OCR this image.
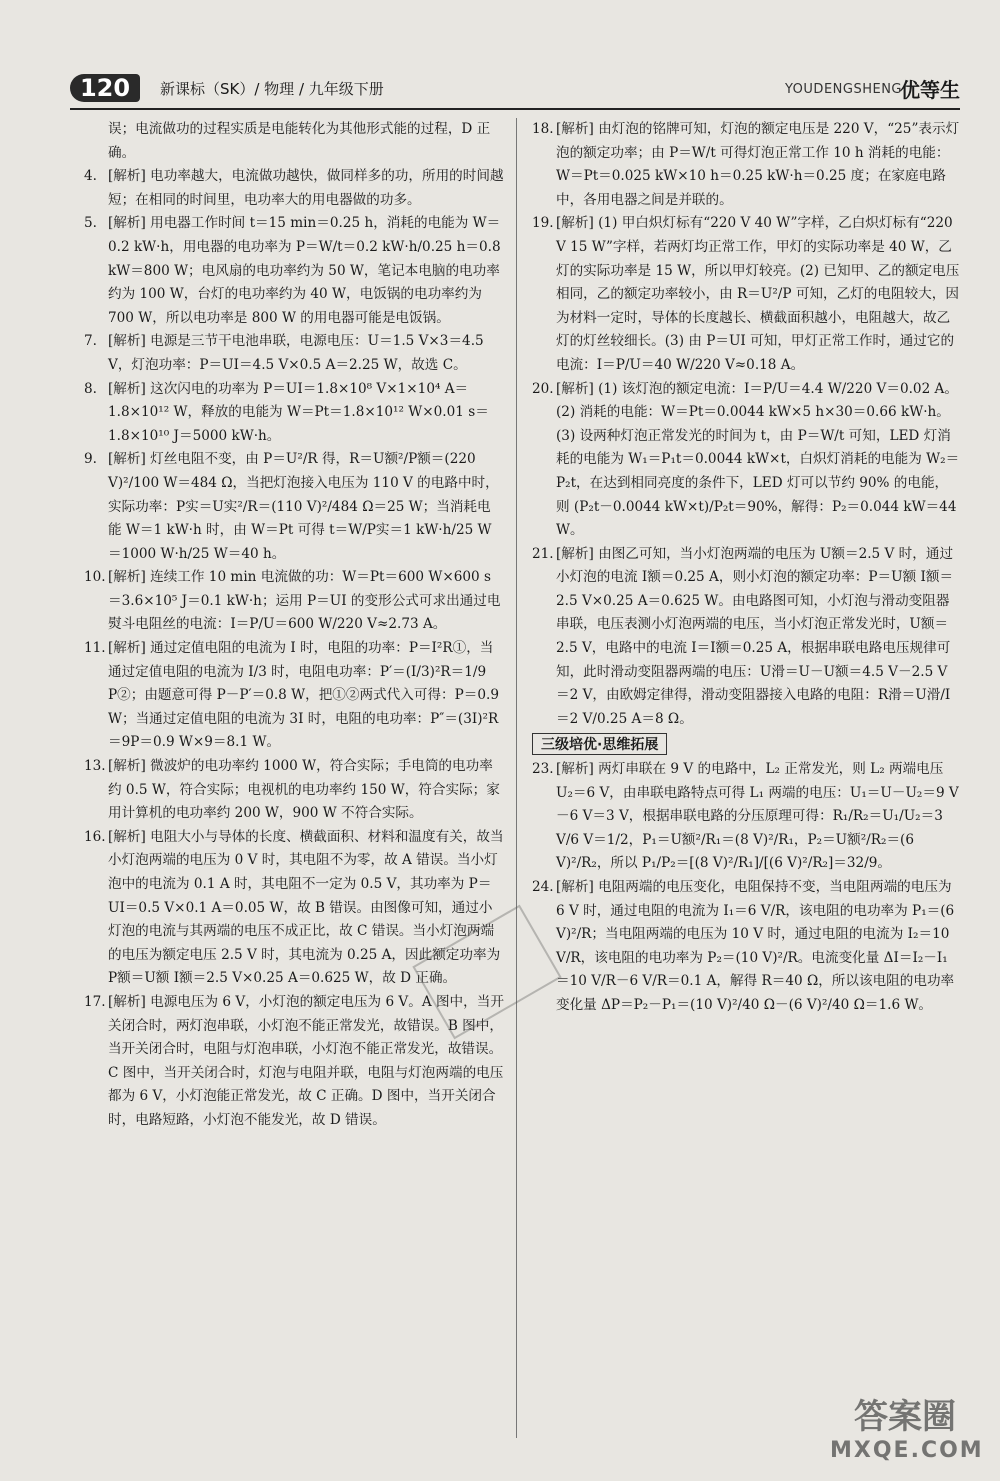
120	新课标（SK）/ 物理 / 九年级下册	YOUDENGSHENG
优等生
误；电流做功的过程实质是电能转化为其他形式能的过程，D 正确。
4. [解析] 电功率越大，电流做功越快，做同样多的功，所用的时间越短；在相同的时间里，电功率大的用电器做的功多。
5. [解析] 用电器工作时间 t＝15 min＝0.25 h，消耗的电能为 W＝0.2 kW·h，用电器的电功率为 P＝W/t＝0.2 kW·h/0.25 h＝0.8 kW＝800 W；电风扇的电功率约为 50 W，笔记本电脑的电功率约为 100 W，台灯的电功率约为 40 W，电饭锅的电功率约为 700 W，所以电功率是 800 W 的用电器可能是电饭锅。
7. [解析] 电源是三节干电池串联，电源电压：U＝1.5 V×3＝4.5 V，灯泡功率：P＝UI＝4.5 V×0.5 A＝2.25 W，故选 C。
8. [解析] 这次闪电的功率为 P＝UI＝1.8×10⁸ V×1×10⁴ A＝1.8×10¹² W，释放的电能为 W＝Pt＝1.8×10¹² W×0.01 s＝1.8×10¹⁰ J＝5000 kW·h。
9. [解析] 灯丝电阻不变，由 P＝U²/R 得，R＝U额²/P额＝(220 V)²/100 W＝484 Ω，当把灯泡接入电压为 110 V 的电路中时，实际功率：P实＝U实²/R＝(110 V)²/484 Ω＝25 W；当消耗电能 W＝1 kW·h 时，由 W＝Pt 可得 t＝W/P实＝1 kW·h/25 W＝1000 W·h/25 W＝40 h。
10. [解析] 连续工作 10 min 电流做的功：W＝Pt＝600 W×600 s＝3.6×10⁵ J＝0.1 kW·h；运用 P＝UI 的变形公式可求出通过电熨斗电阻丝的电流：I＝P/U＝600 W/220 V≈2.73 A。
11. [解析] 通过定值电阻的电流为 I 时，电阻的功率：P＝I²R①，当通过定值电阻的电流为 I/3 时，电阻电功率：P′＝(I/3)²R＝1/9 P②；由题意可得 P－P′＝0.8 W，把①②两式代入可得：P＝0.9 W；当通过定值电阻的电流为 3I 时，电阻的电功率：P″＝(3I)²R＝9P＝0.9 W×9＝8.1 W。
13. [解析] 微波炉的电功率约 1000 W，符合实际；手电筒的电功率约 0.5 W，符合实际；电视机的电功率约 150 W，符合实际；家用计算机的电功率约 200 W，900 W 不符合实际。
16. [解析] 电阻大小与导体的长度、横截面积、材料和温度有关，故当小灯泡两端的电压为 0 V 时，其电阻不为零，故 A 错误。当小灯泡中的电流为 0.1 A 时，其电阻不一定为 0.5 V，其功率为 P＝UI＝0.5 V×0.1 A＝0.05 W，故 B 错误。由图像可知，通过小灯泡的电流与其两端的电压不成正比，故 C 错误。当小灯泡两端的电压为额定电压 2.5 V 时，其电流为 0.25 A，因此额定功率为 P额＝U额 I额＝2.5 V×0.25 A＝0.625 W，故 D 正确。
17. [解析] 电源电压为 6 V，小灯泡的额定电压为 6 V。A 图中，当开关闭合时，两灯泡串联，小灯泡不能正常发光，故错误。B 图中，当开关闭合时，电阻与灯泡串联，小灯泡不能正常发光，故错误。C 图中，当开关闭合时，灯泡与电阻并联，电阻与灯泡两端的电压都为 6 V，小灯泡能正常发光，故 C 正确。D 图中，当开关闭合时，电路短路，小灯泡不能发光，故 D 错误。
18. [解析] 由灯泡的铭牌可知，灯泡的额定电压是 220 V，“25”表示灯泡的额定功率；由 P＝W/t 可得灯泡正常工作 10 h 消耗的电能：W＝Pt＝0.025 kW×10 h＝0.25 kW·h＝0.25 度；在家庭电路中，各用电器之间是并联的。
19. [解析] (1) 甲白炽灯标有“220 V 40 W”字样，乙白炽灯标有“220 V 15 W”字样，若两灯均正常工作，甲灯的实际功率是 40 W，乙灯的实际功率是 15 W，所以甲灯较亮。(2) 已知甲、乙的额定电压相同，乙的额定功率较小，由 R＝U²/P 可知，乙灯的电阻较大，因为材料一定时，导体的长度越长、横截面积越小，电阻越大，故乙灯的灯丝较细长。(3) 由 P＝UI 可知，甲灯正常工作时，通过它的电流：I＝P/U＝40 W/220 V≈0.18 A。
20. [解析] (1) 该灯泡的额定电流：I＝P/U＝4.4 W/220 V＝0.02 A。(2) 消耗的电能：W＝Pt＝0.0044 kW×5 h×30＝0.66 kW·h。(3) 设两种灯泡正常发光的时间为 t，由 P＝W/t 可知，LED 灯消耗的电能为 W₁＝P₁t＝0.0044 kW×t，白炽灯消耗的电能为 W₂＝P₂t，在达到相同亮度的条件下，LED 灯可以节约 90% 的电能，则 (P₂t－0.0044 kW×t)/P₂t＝90%，解得：P₂＝0.044 kW＝44 W。
21. [解析] 由图乙可知，当小灯泡两端的电压为 U额＝2.5 V 时，通过小灯泡的电流 I额＝0.25 A，则小灯泡的额定功率：P＝U额 I额＝2.5 V×0.25 A＝0.625 W。由电路图可知，小灯泡与滑动变阻器串联，电压表测小灯泡两端的电压，当小灯泡正常发光时，U额＝2.5 V，电路中的电流 I＝I额＝0.25 A，根据串联电路电压规律可知，此时滑动变阻器两端的电压：U滑＝U－U额＝4.5 V－2.5 V＝2 V，由欧姆定律得，滑动变阻器接入电路的电阻：R滑＝U滑/I＝2 V/0.25 A＝8 Ω。
三级培优·思维拓展
23. [解析] 两灯串联在 9 V 的电路中，L₂ 正常发光，则 L₂ 两端电压 U₂＝6 V，由串联电路特点可得 L₁ 两端的电压：U₁＝U－U₂＝9 V－6 V＝3 V，根据串联电路的分压原理可得：R₁/R₂＝U₁/U₂＝3 V/6 V＝1/2，P₁＝U额²/R₁＝(8 V)²/R₁，P₂＝U额²/R₂＝(6 V)²/R₂，所以 P₁/P₂＝[(8 V)²/R₁]/[(6 V)²/R₂]＝32/9。
24. [解析] 电阻两端的电压变化，电阻保持不变，当电阻两端的电压为 6 V 时，通过电阻的电流为 I₁＝6 V/R，该电阻的电功率为 P₁＝(6 V)²/R；当电阻两端的电压为 10 V 时，通过电阻的电流为 I₂＝10 V/R，该电阻的电功率为 P₂＝(10 V)²/R。电流变化量 ΔI＝I₂－I₁＝10 V/R－6 V/R＝0.1 A，解得 R＝40 Ω，所以该电阻的电功率变化量 ΔP＝P₂－P₁＝(10 V)²/40 Ω－(6 V)²/40 Ω＝1.6 W。
答案圈
MXQE.COM
